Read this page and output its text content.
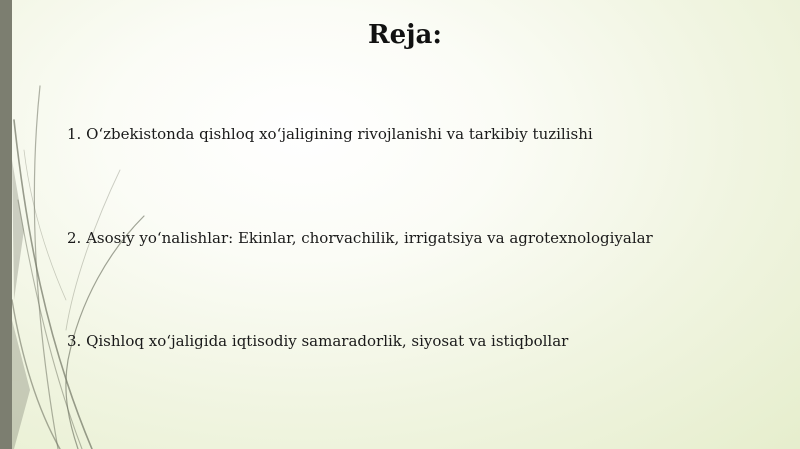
Reja:

1. O‘zbekistonda qishloq xo‘jaligining rivojlanishi va tarkibiy tuzilishi

2. Asosiy yo‘nalishlar: Ekinlar, chorvachilik, irrigatsiya va agrotexnologiyalar

3. Qishloq xo‘jaligida iqtisodiy samaradorlik, siyosat va istiqbollar
